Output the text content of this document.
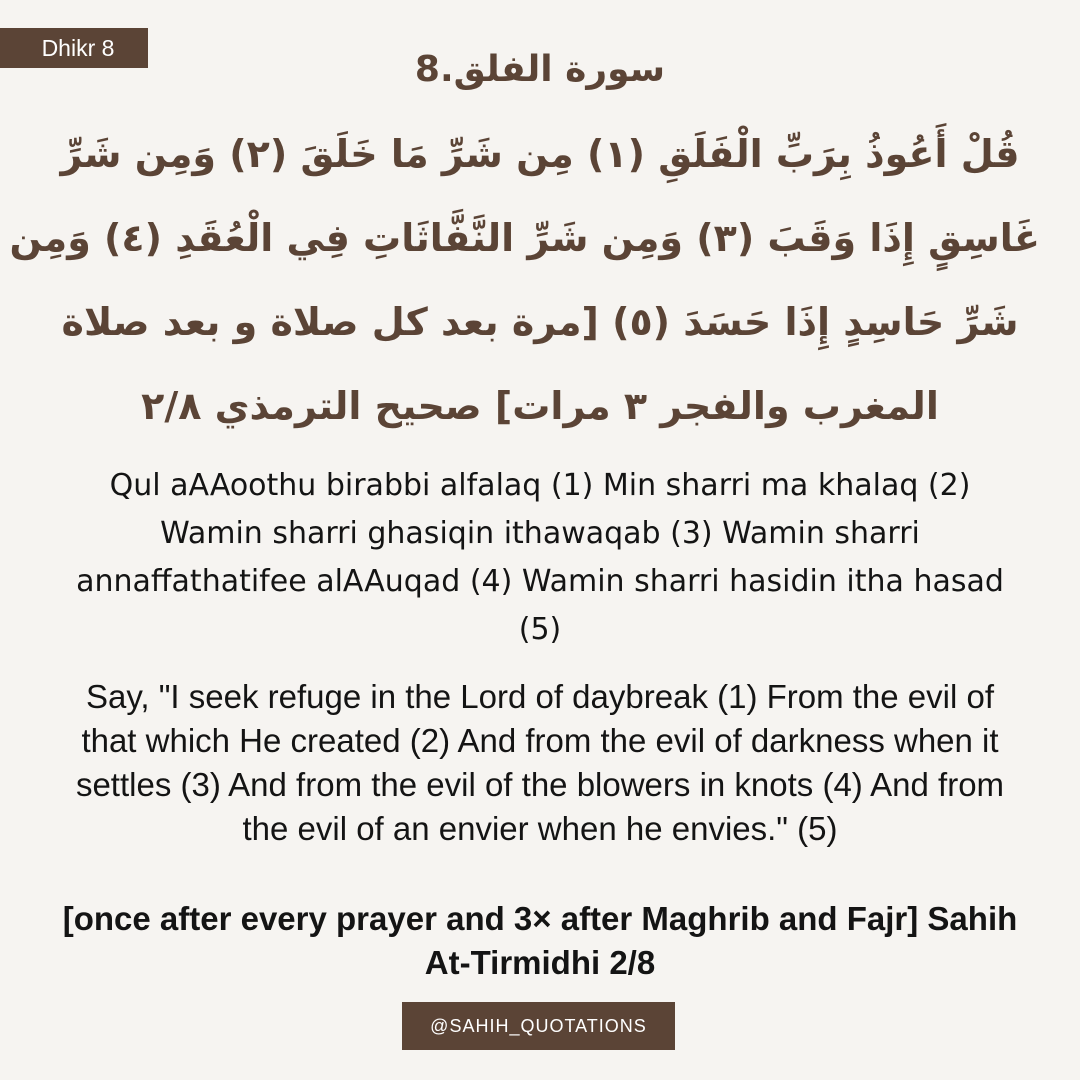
Dhikr 8
8.سورة الفلق
قُلْ أَعُوذُ بِرَبِّ الْفَلَقِ (١) مِن شَرِّ مَا خَلَقَ (٢) وَمِن شَرِّ
غَاسِقٍ إِذَا وَقَبَ (٣) وَمِن شَرِّ النَّفَّاثَاتِ فِي الْعُقَدِ (٤) وَمِن
شَرِّ حَاسِدٍ إِذَا حَسَدَ (٥) [مرة بعد كل صلاة و بعد صلاة
المغرب والفجر ٣ مرات] صحيح الترمذي ٢/٨

Qul aAAoothu birabbi alfalaq (1) Min sharri ma khalaq (2) Wamin sharri ghasiqin ithawaqab (3) Wamin sharri annaffathatifee alAAuqad (4) Wamin sharri hasidin itha hasad (5)

Say, "I seek refuge in the Lord of daybreak (1) From the evil of that which He created (2) And from the evil of darkness when it settles (3) And from the evil of the blowers in knots (4) And from the evil of an envier when he envies." (5)

[once after every prayer and 3× after Maghrib and Fajr] Sahih At-Tirmidhi 2/8

@SAHIH_QUOTATIONS
